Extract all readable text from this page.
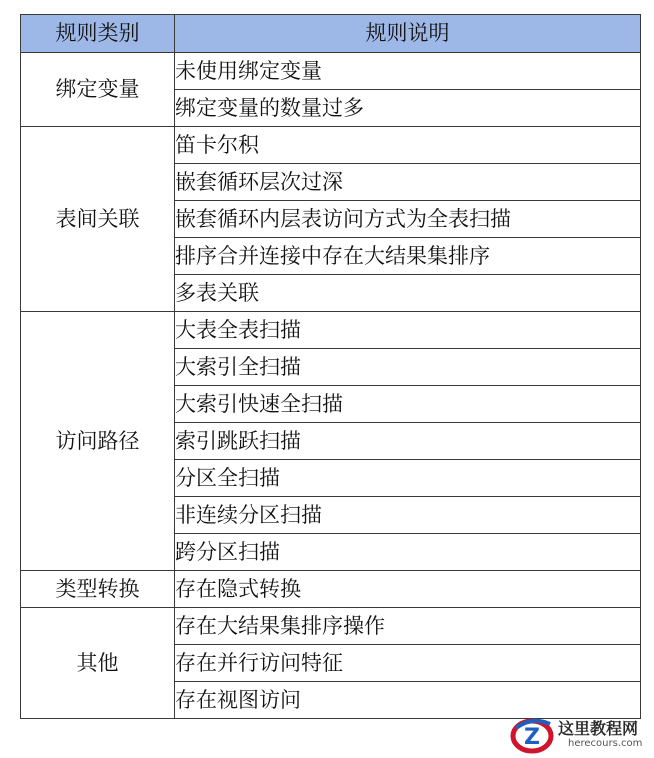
规则类别	规则说明
绑定变量	未使用绑定变量
	绑定变量的数量过多
表间关联	笛卡尔积
	嵌套循环层次过深
	嵌套循环内层表访问方式为全表扫描
	排序合并连接中存在大结果集排序
	多表关联
访问路径	大表全表扫描
	大索引全扫描
	大索引快速全扫描
	索引跳跃扫描
	分区全扫描
	非连续分区扫描
	跨分区扫描
类型转换	存在隐式转换
其他	存在大结果集排序操作
	存在并行访问特征
	存在视图访问
Z 这里教程网
herecours.com
